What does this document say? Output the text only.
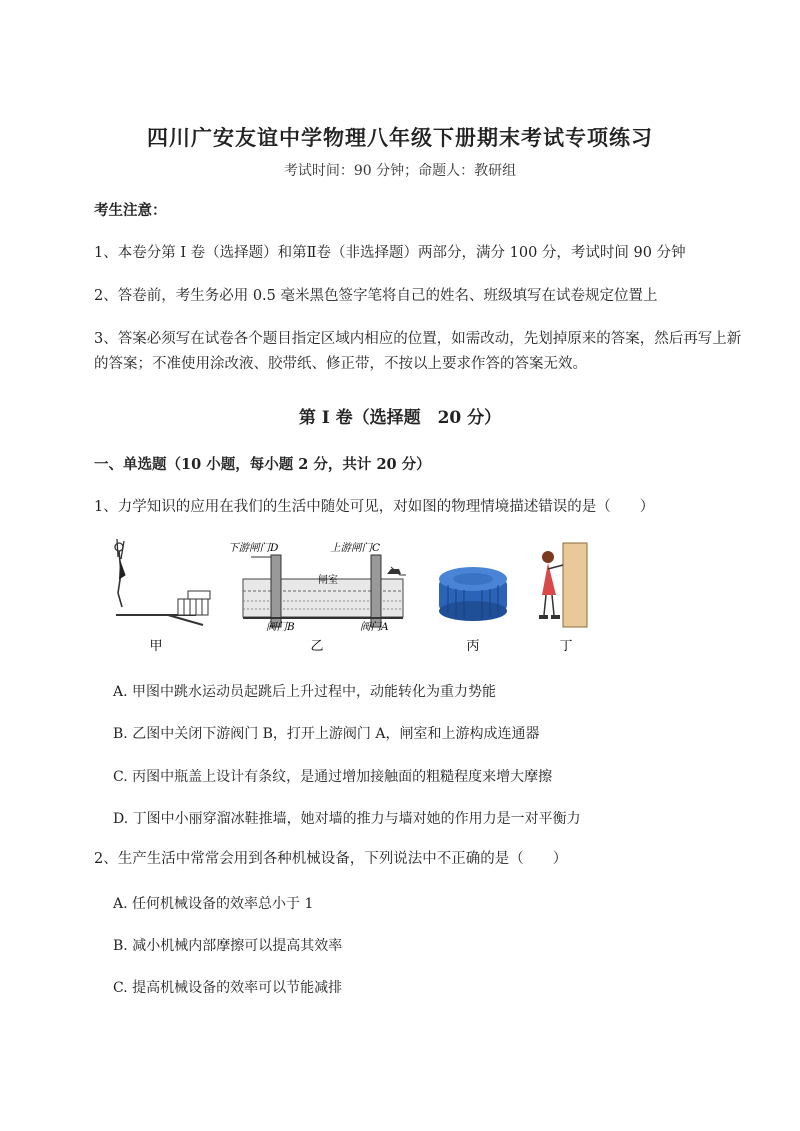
四川广安友谊中学物理八年级下册期末考试专项练习
考试时间：90 分钟；命题人：教研组
考生注意：
1、本卷分第 I 卷（选择题）和第Ⅱ卷（非选择题）两部分，满分 100 分，考试时间 90 分钟
2、答卷前，考生务必用 0.5 毫米黑色签字笔将自己的姓名、班级填写在试卷规定位置上
3、答案必须写在试卷各个题目指定区域内相应的位置，如需改动，先划掉原来的答案，然后再写上新
的答案；不准使用涂改液、胶带纸、修正带，不按以上要求作答的答案无效。
第 I 卷（选择题　20 分）
一、单选题（10 小题，每小题 2 分，共计 20 分）
1、力学知识的应用在我们的生活中随处可见，对如图的物理情境描述错误的是（　　）
甲
下游闸门D	上游闸门C
闸室
阀门B	阀门A
乙	丙	丁
A. 甲图中跳水运动员起跳后上升过程中，动能转化为重力势能
B. 乙图中关闭下游阀门 B，打开上游阀门 A，闸室和上游构成连通器
C. 丙图中瓶盖上设计有条纹，是通过增加接触面的粗糙程度来增大摩擦
D. 丁图中小丽穿溜冰鞋推墙，她对墙的推力与墙对她的作用力是一对平衡力
2、生产生活中常常会用到各种机械设备，下列说法中不正确的是（　　）
A. 任何机械设备的效率总小于 1
B. 减小机械内部摩擦可以提高其效率
C. 提高机械设备的效率可以节能减排
